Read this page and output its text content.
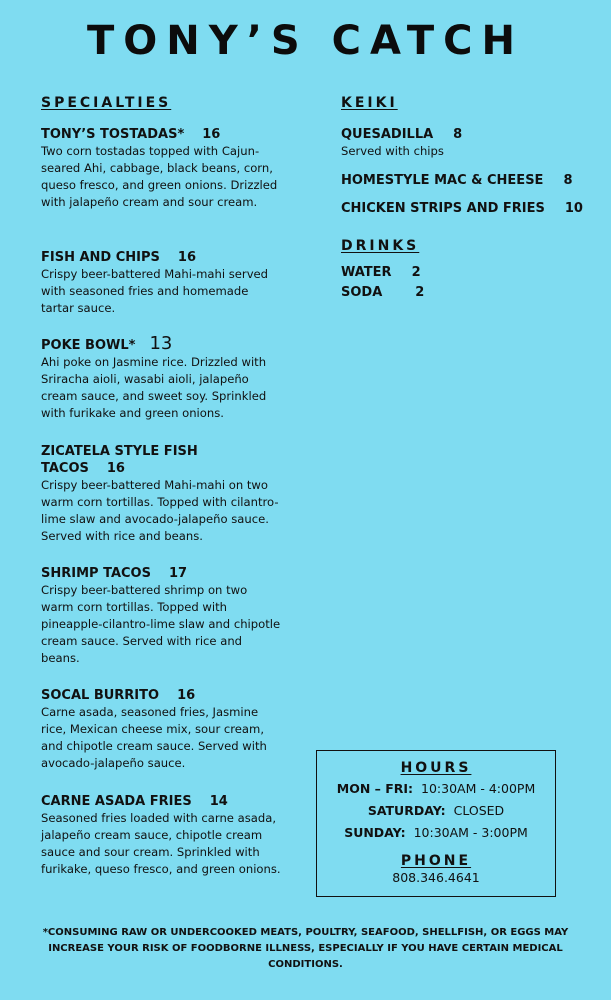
TONY’S CATCH
SPECIALTIES
TONY’S TOSTADAS* 16
Two corn tostadas topped with Cajun-seared Ahi, cabbage, black beans, corn, queso fresco, and green onions. Drizzled with jalapeño cream and sour cream.
FISH AND CHIPS 16
Crispy beer-battered Mahi-mahi served with seasoned fries and homemade tartar sauce.
POKE BOWL* 13
Ahi poke on Jasmine rice. Drizzled with Sriracha aioli, wasabi aioli, jalapeño cream sauce, and sweet soy. Sprinkled with furikake and green onions.
ZICATELA STYLE FISH TACOS 16
Crispy beer-battered Mahi-mahi on two warm corn tortillas. Topped with cilantro-lime slaw and avocado-jalapeño sauce. Served with rice and beans.
SHRIMP TACOS 17
Crispy beer-battered shrimp on two warm corn tortillas. Topped with pineapple-cilantro-lime slaw and chipotle cream sauce. Served with rice and beans.
SOCAL BURRITO 16
Carne asada, seasoned fries, Jasmine rice, Mexican cheese mix, sour cream, and chipotle cream sauce. Served with avocado-jalapeño sauce.
CARNE ASADA FRIES 14
Seasoned fries loaded with carne asada, jalapeño cream sauce, chipotle cream sauce and sour cream. Sprinkled with furikake, queso fresco, and green onions.
KEIKI
QUESADILLA 8
Served with chips
HOMESTYLE MAC & CHEESE 8
CHICKEN STRIPS AND FRIES 10
DRINKS
WATER 2
SODA	2
HOURS
MON – FRI: 10:30AM - 4:00PM
SATURDAY: CLOSED
SUNDAY: 10:30AM - 3:00PM
PHONE
808.346.4641
*CONSUMING RAW OR UNDERCOOKED MEATS, POULTRY, SEAFOOD, SHELLFISH, OR EGGS MAY INCREASE YOUR RISK OF FOODBORNE ILLNESS, ESPECIALLY IF YOU HAVE CERTAIN MEDICAL CONDITIONS.
